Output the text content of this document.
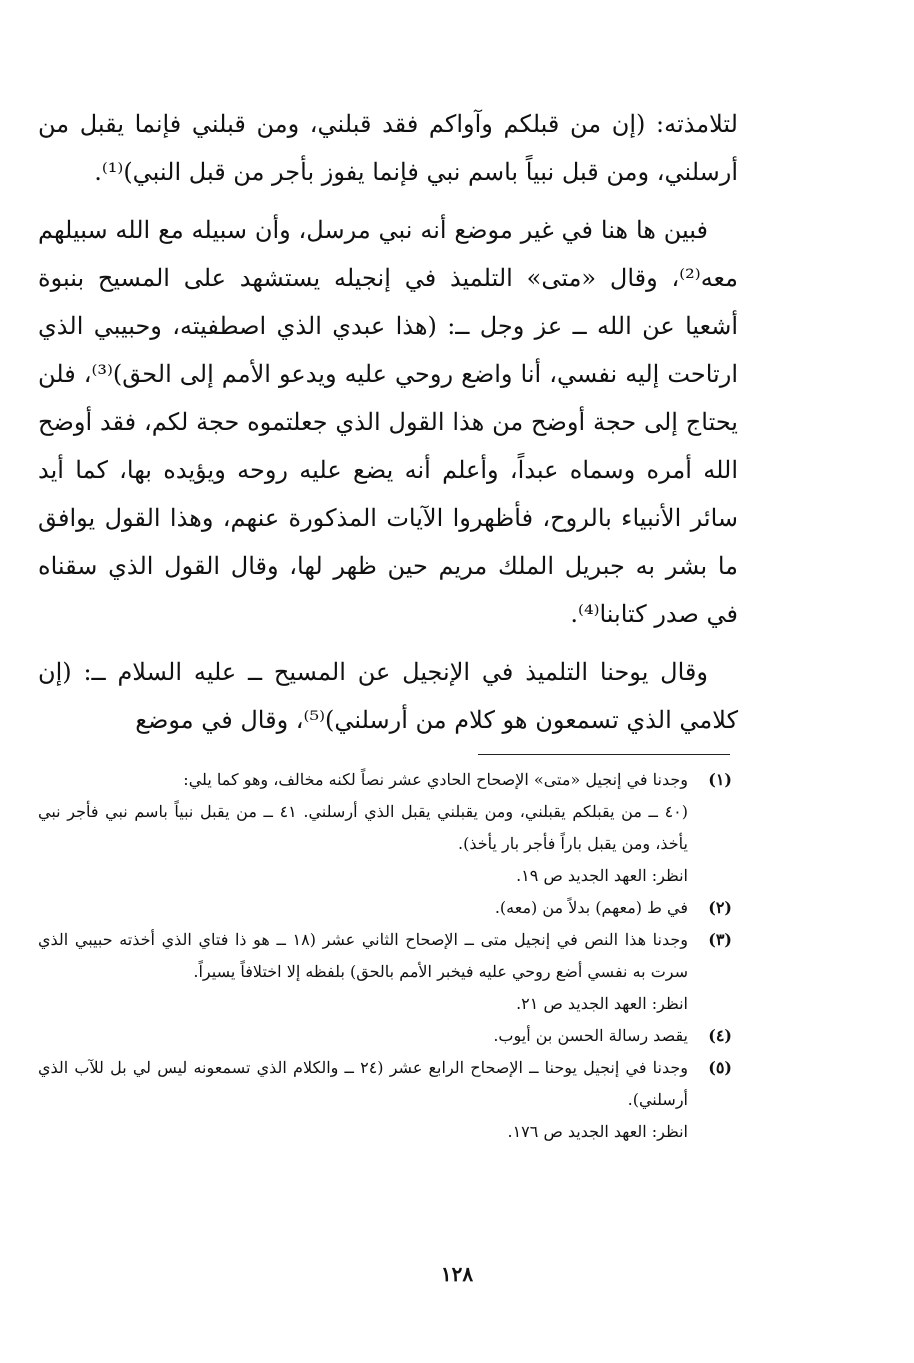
لتلامذته: (إن من قبلكم وآواكم فقد قبلني، ومن قبلني فإنما يقبل من أرسلني، ومن قبل نبياً باسم نبي فإنما يفوز بأجر من قبل النبي)⁽¹⁾.

فبين ها هنا في غير موضع أنه نبي مرسل، وأن سبيله مع الله سبيلهم معه⁽²⁾، وقال «متى» التلميذ في إنجيله يستشهد على المسيح بنبوة أشعيا عن الله ــ عز وجل ــ: (هذا عبدي الذي اصطفيته، وحبيبي الذي ارتاحت إليه نفسي، أنا واضع روحي عليه ويدعو الأمم إلى الحق)⁽³⁾، فلن يحتاج إلى حجة أوضح من هذا القول الذي جعلتموه حجة لكم، فقد أوضح الله أمره وسماه عبداً، وأعلم أنه يضع عليه روحه ويؤيده بها، كما أيد سائر الأنبياء بالروح، فأظهروا الآيات المذكورة عنهم، وهذا القول يوافق ما بشر به جبريل الملك مريم حين ظهر لها، وقال القول الذي سقناه في صدر كتابنا⁽⁴⁾.

وقال يوحنا التلميذ في الإنجيل عن المسيح ــ عليه السلام ــ: (إن كلامي الذي تسمعون هو كلام من أرسلني)⁽⁵⁾، وقال في موضع

(١)
وجدنا في إنجيل «متى» الإصحاح الحادي عشر نصاً لكنه مخالف، وهو كما يلي:
(٤٠ ــ من يقبلكم يقبلني، ومن يقبلني يقبل الذي أرسلني. ٤١ ــ من يقبل نبياً باسم نبي فأجر نبي يأخذ، ومن يقبل باراً فأجر بار يأخذ).
انظر: العهد الجديد ص ١٩.
(٢)
في ط (معهم) بدلاً من (معه).
(٣)
وجدنا هذا النص في إنجيل متى ــ الإصحاح الثاني عشر (١٨ ــ هو ذا فتاي الذي أخذته حبيبي الذي سرت به نفسي أضع روحي عليه فيخبر الأمم بالحق) بلفظه إلا اختلافاً يسيراً.
انظر: العهد الجديد ص ٢١.
(٤)
يقصد رسالة الحسن بن أيوب.
(٥)
وجدنا في إنجيل يوحنا ــ الإصحاح الرابع عشر (٢٤ ــ والكلام الذي تسمعونه ليس لي بل للآب الذي أرسلني).
انظر: العهد الجديد ص ١٧٦.
١٢٨
